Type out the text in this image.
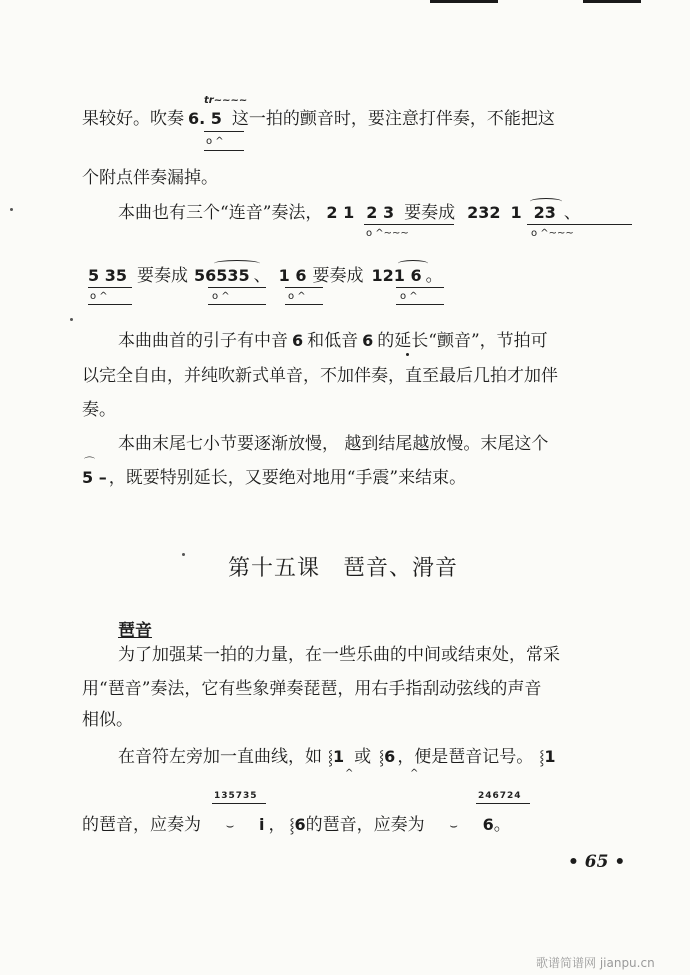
果较好。吹奏 6. 5 这一拍的颤音时，要注意打伴奏，不能把这
tr~~~~
o ^
个附点伴奏漏掉。
本曲也有三个“连音”奏法， 2 1 2 3 要奏成 232 1 23 、
o ^~~~	o ^~~~
5 35 要奏成 56535 、 1 6 要奏成 121 6 。
o ^	o ^	o ^	o ^
本曲曲首的引子有中音 6 和低音 6 的延长“颤音”，节拍可
以完全自由，并纯吹新式单音，不加伴奏，直至最后几拍才加伴
奏。
本曲末尾七小节要逐渐放慢， 越到结尾越放慢。末尾这个
5 – ，既要特别延长，又要绝对地用“手震”来结束。
⌒
第十五课　琶音、滑音
琶音
为了加强某一拍的力量，在一些乐曲的中间或结束处，常采
用“琶音”奏法，它有些象弹奏琵琶，用右手指刮动弦线的声音
相似。
在音符左旁加一直曲线，如 ⸾1 或 ⸾6 ，便是琶音记号。 ⸾1
^	^
135735	246724
的琶音，应奏为 ⌣ i ， ⸾6的琶音，应奏为 ⌣ 6。
• 65 •
歌谱简谱网 jianpu.cn
